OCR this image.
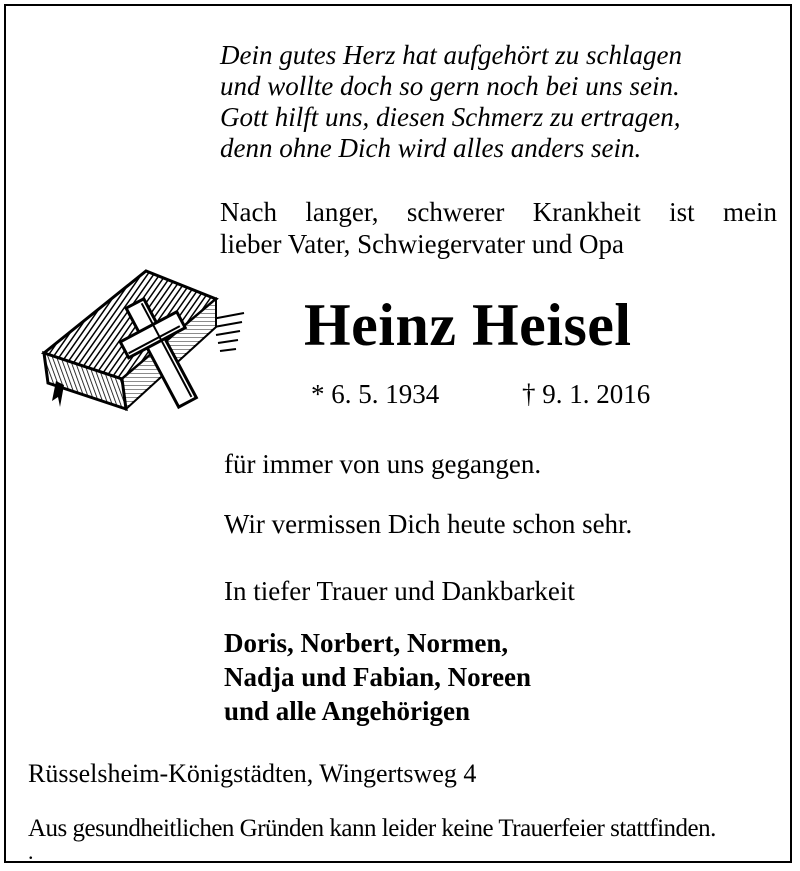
Dein gutes Herz hat aufgehört zu schlagen
und wollte doch so gern noch bei uns sein.
Gott hilft uns, diesen Schmerz zu ertragen,
denn ohne Dich wird alles anders sein.
Nach langer, schwerer Krankheit ist mein
lieber Vater, Schwiegervater und Opa
Heinz Heisel
* 6. 5. 1934	† 9. 1. 2016
für immer von uns gegangen.
Wir vermissen Dich heute schon sehr.
In tiefer Trauer und Dankbarkeit
Doris, Norbert, Normen,
Nadja und Fabian, Noreen
und alle Angehörigen
Rüsselsheim-Königstädten, Wingertsweg 4
Aus gesundheitlichen Gründen kann leider keine Trauerfeier stattfinden.
.
